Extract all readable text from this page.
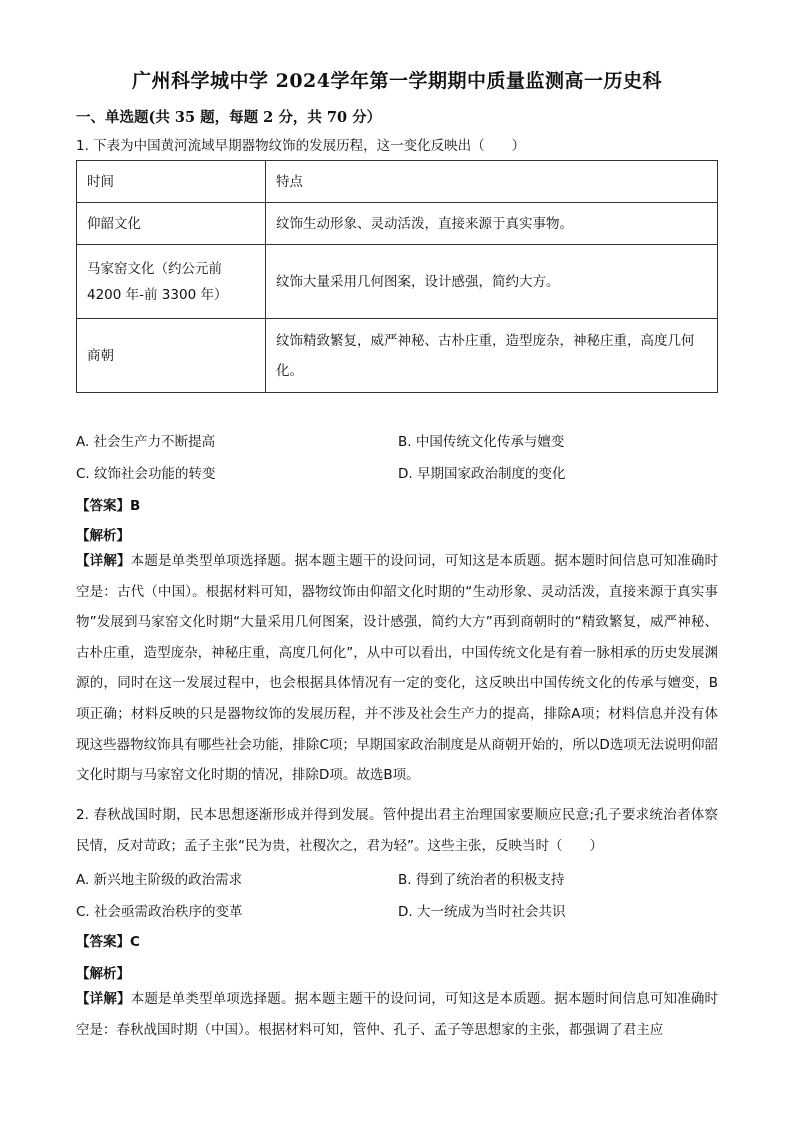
广州科学城中学 2024学年第一学期期中质量监测高一历史科
一、单选题(共 35 题，每题 2 分，共 70 分）
1. 下表为中国黄河流域早期器物纹饰的发展历程，这一变化反映出（　　）
时间	特点
仰韶文化	纹饰生动形象、灵动活泼，直接来源于真实事物。
马家窑文化（约公元前 4200 年-前 3300 年）	纹饰大量采用几何图案，设计感强，简约大方。
商朝	纹饰精致繁复，威严神秘、古朴庄重，造型庞杂，神秘庄重，高度几何化。
A. 社会生产力不断提高	B. 中国传统文化传承与嬗变
C. 纹饰社会功能的转变	D. 早期国家政治制度的变化
【答案】B
【解析】

【详解】本题是单类型单项选择题。据本题主题干的设问词，可知这是本质题。据本题时间信息可知准确时空是：古代（中国）。根据材料可知，器物纹饰由仰韶文化时期的“生动形象、灵动活泼，直接来源于真实事物”发展到马家窑文化时期“大量采用几何图案，设计感强，简约大方”再到商朝时的“精致繁复，威严神秘、古朴庄重，造型庞杂，神秘庄重，高度几何化”，从中可以看出，中国传统文化是有着一脉相承的历史发展渊源的，同时在这一发展过程中，也会根据具体情况有一定的变化，这反映出中国传统文化的传承与嬗变，B项正确；材料反映的只是器物纹饰的发展历程，并不涉及社会生产力的提高，排除A项；材料信息并没有体现这些器物纹饰具有哪些社会功能，排除C项；早期国家政治制度是从商朝开始的，所以D选项无法说明仰韶文化时期与马家窑文化时期的情况，排除D项。故选B项。

2. 春秋战国时期，民本思想逐渐形成并得到发展。管仲提出君主治理国家要顺应民意;孔子要求统治者体察民情，反对苛政；孟子主张“民为贵，社稷次之，君为轻”。这些主张，反映当时（　　）

A. 新兴地主阶级的政治需求	B. 得到了统治者的积极支持
C. 社会亟需政治秩序的变革	D. 大一统成为当时社会共识
【答案】C
【解析】

【详解】本题是单类型单项选择题。据本题主题干的设问词，可知这是本质题。据本题时间信息可知准确时空是：春秋战国时期（中国）。根据材料可知，管仲、孔子、孟子等思想家的主张，都强调了君主应
